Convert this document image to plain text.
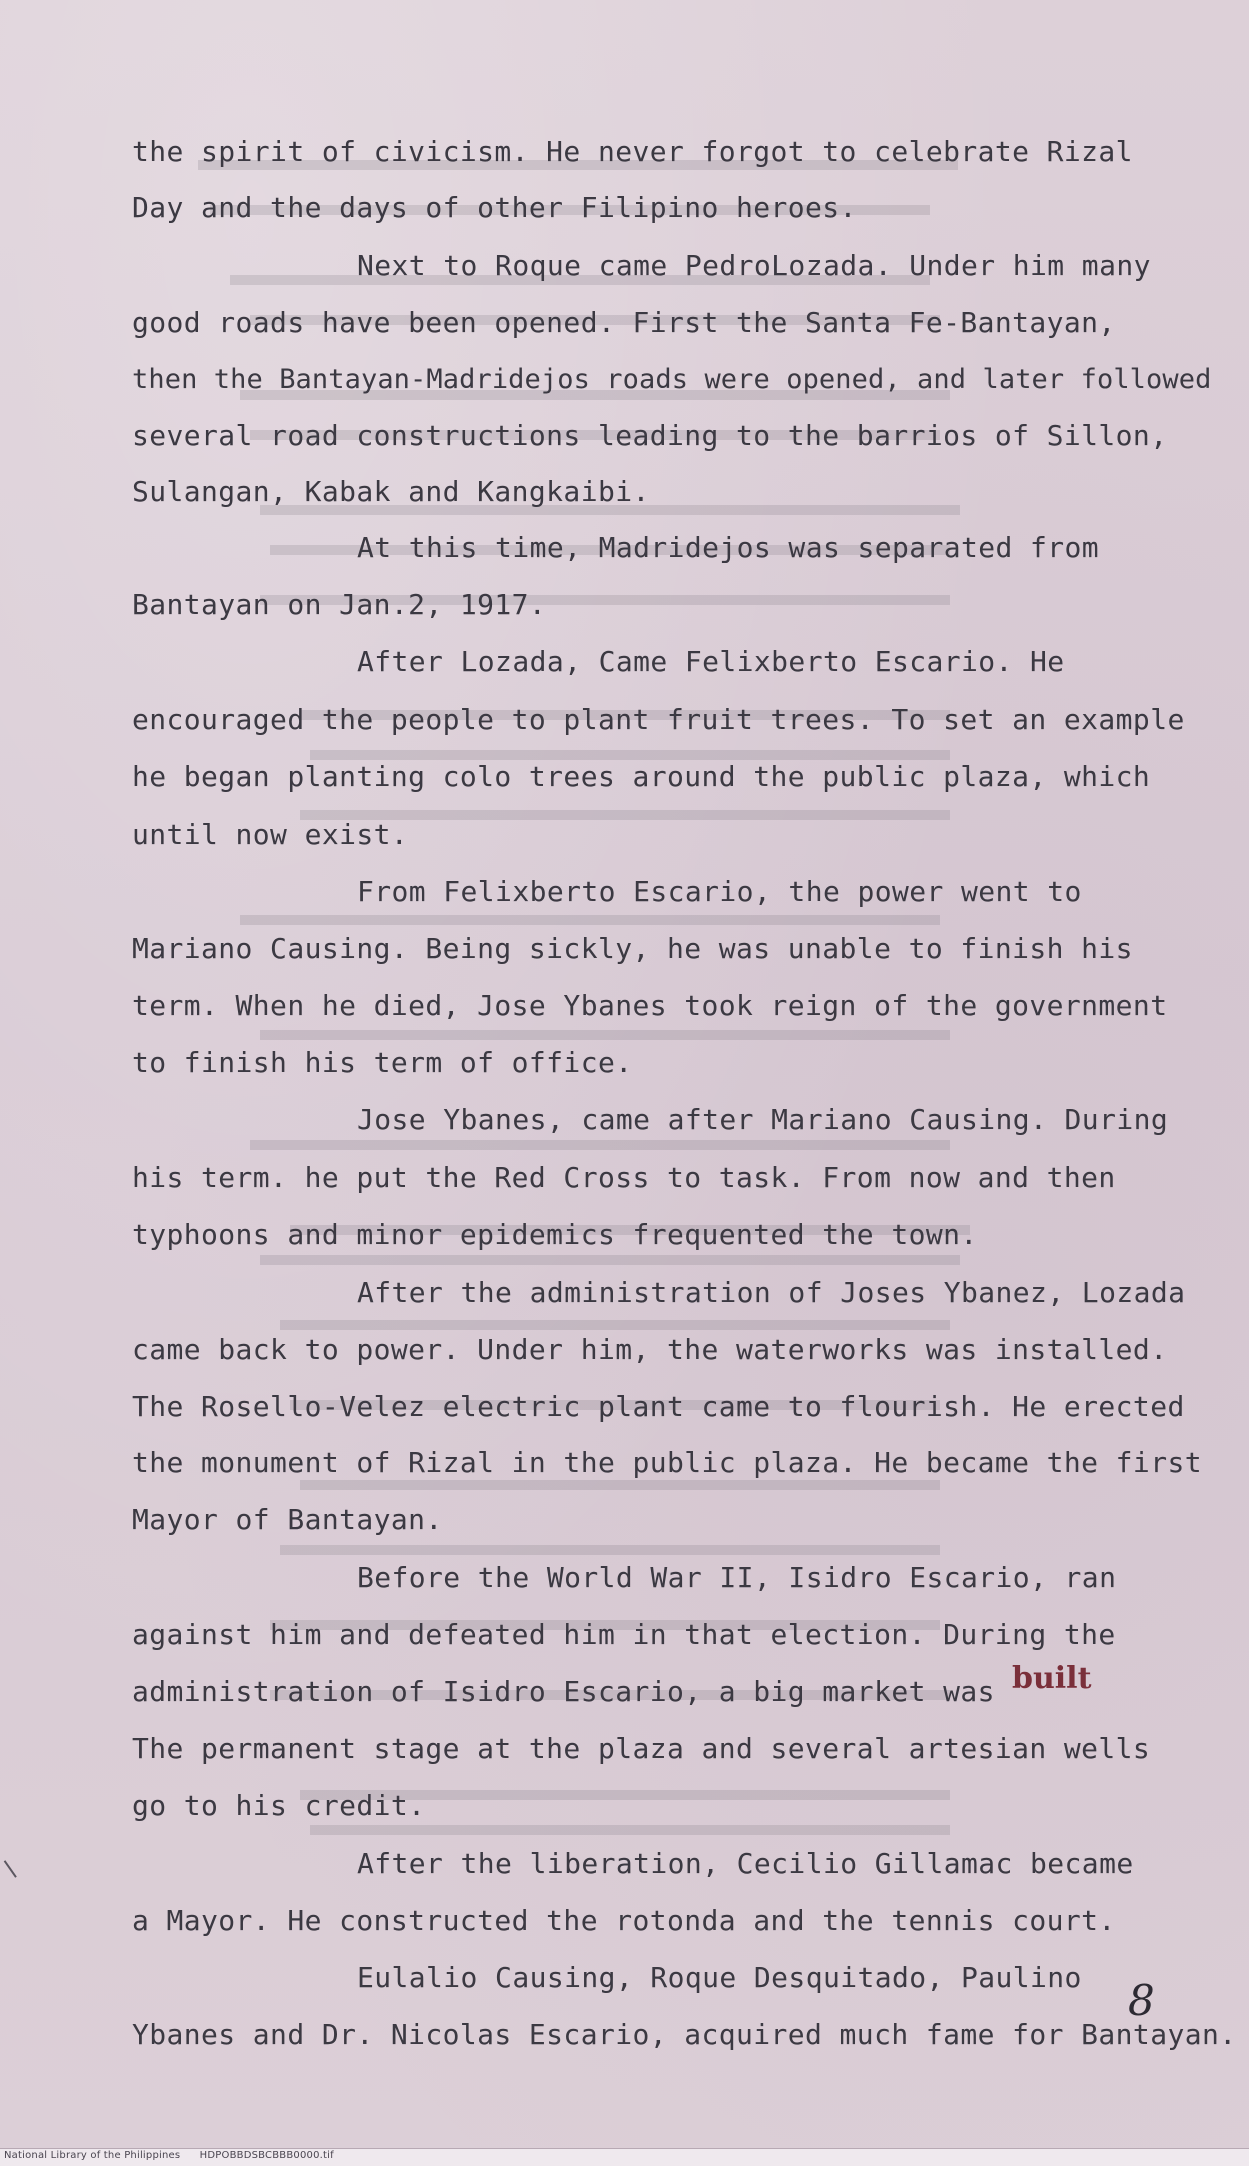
the spirit of civicism. He never forgot to celebrate Rizal
Day and the days of other Filipino heroes.
Next to Roque came PedroLozada. Under him many
good roads have been opened. First the Santa Fe-Bantayan,
then the Bantayan-Madridejos roads were opened, and later followed
several road constructions leading to the barrios of Sillon,
Sulangan, Kabak and Kangkaibi.
At this time, Madridejos was separated from
Bantayan on Jan.2, 1917.
After Lozada, Came Felixberto Escario. He
encouraged the people to plant fruit trees. To set an example
he began planting colo trees around the public plaza, which
until now exist.
From Felixberto Escario, the power went to
Mariano Causing. Being sickly, he was unable to finish his
term. When he died, Jose Ybanes took reign of the government
to finish his term of office.
Jose Ybanes, came after Mariano Causing. During
his term. he put the Red Cross to task. From now and then
typhoons and minor epidemics frequented the town.
After the administration of Joses Ybanez, Lozada
came back to power. Under him, the waterworks was installed.
The Rosello-Velez electric plant came to flourish. He erected
the monument of Rizal in the public plaza. He became the first
Mayor of Bantayan.
Before the World War II, Isidro Escario, ran
against him and defeated him in that election. During the
administration of Isidro Escario, a big market was
The permanent stage at the plaza and several artesian wells
go to his credit.
After the liberation, Cecilio Gillamac became
a Mayor. He constructed the rotonda and the tennis court.
Eulalio Causing, Roque Desquitado, Paulino
Ybanes and Dr. Nicolas Escario, acquired much fame for Bantayan.
built
8
National Library of the Philippines HDPOBBDSBCBBB0000.tif
